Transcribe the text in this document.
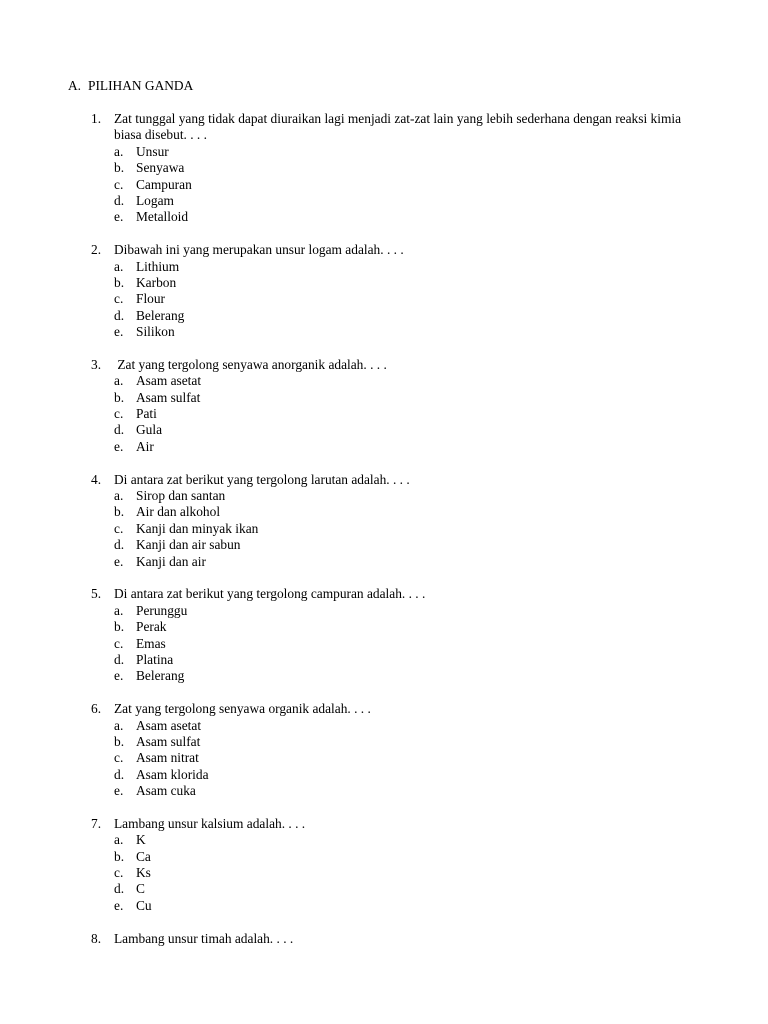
A. PILIHAN GANDA
1. Zat tunggal yang tidak dapat diuraikan lagi menjadi zat-zat lain yang lebih sederhana dengan reaksi kimia biasa disebut. . . .
a. Unsur
b. Senyawa
c. Campuran
d. Logam
e. Metalloid
2. Dibawah ini yang merupakan unsur logam adalah. . . .
a. Lithium
b. Karbon
c. Flour
d. Belerang
e. Silikon
3. Zat yang tergolong senyawa anorganik adalah. . . .
a. Asam asetat
b. Asam sulfat
c. Pati
d. Gula
e. Air
4. Di antara zat berikut yang tergolong larutan adalah. . . .
a. Sirop dan santan
b. Air dan alkohol
c. Kanji dan minyak ikan
d. Kanji dan air sabun
e. Kanji dan air
5. Di antara zat berikut yang tergolong campuran adalah. . . .
a. Perunggu
b. Perak
c. Emas
d. Platina
e. Belerang
6. Zat yang tergolong senyawa organik adalah. . . .
a. Asam asetat
b. Asam sulfat
c. Asam nitrat
d. Asam klorida
e. Asam cuka
7. Lambang unsur kalsium adalah. . . .
a. K
b. Ca
c. Ks
d. C
e. Cu
8. Lambang unsur timah adalah. . . .
